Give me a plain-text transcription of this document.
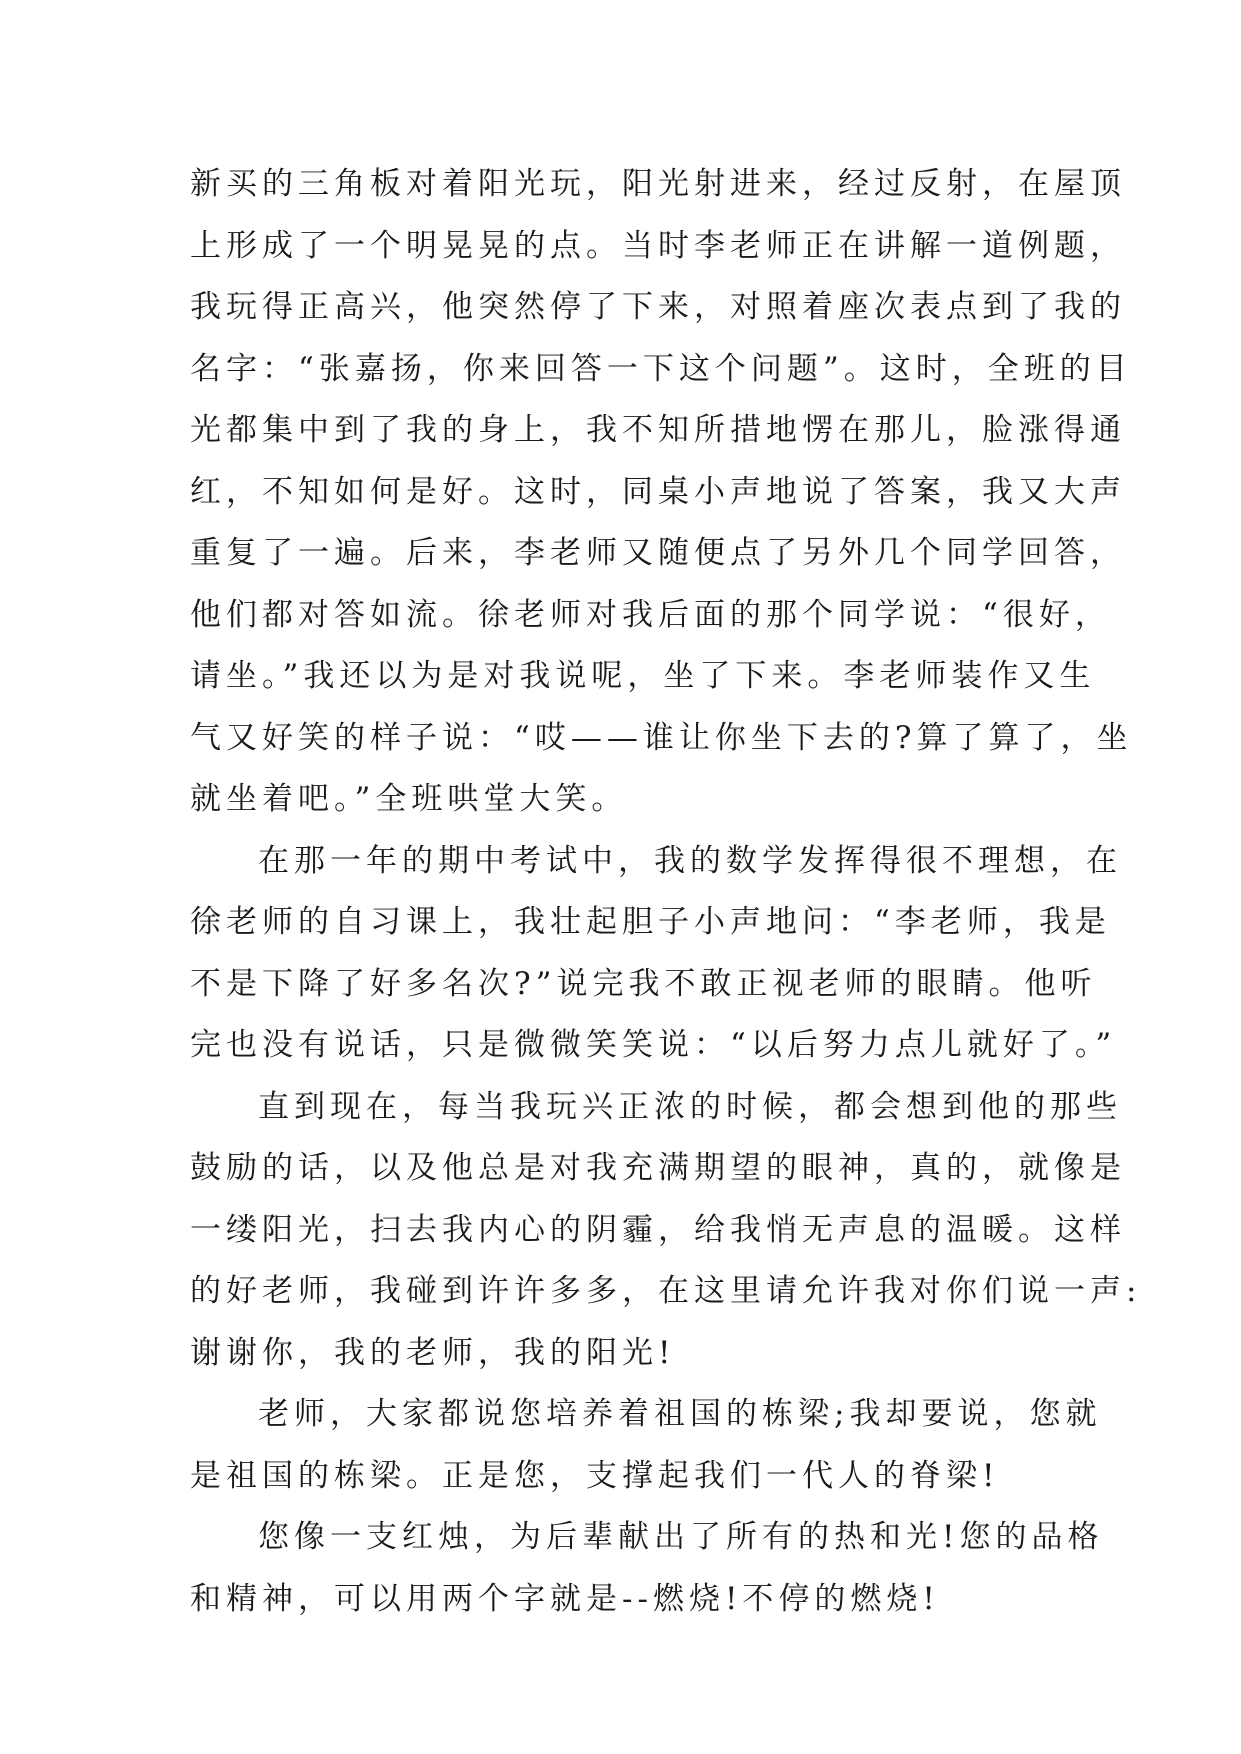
新买的三角板对着阳光玩，阳光射进来，经过反射，在屋顶
上形成了一个明晃晃的点。当时李老师正在讲解一道例题，
我玩得正高兴，他突然停了下来，对照着座次表点到了我的
名字：“张嘉扬，你来回答一下这个问题”。这时，全班的目
光都集中到了我的身上，我不知所措地愣在那儿，脸涨得通
红，不知如何是好。这时，同桌小声地说了答案，我又大声
重复了一遍。后来，李老师又随便点了另外几个同学回答，
他们都对答如流。徐老师对我后面的那个同学说：“很好，
请坐。”我还以为是对我说呢，坐了下来。李老师装作又生
气又好笑的样子说：“哎——谁让你坐下去的?算了算了，坐
就坐着吧。”全班哄堂大笑。
在那一年的期中考试中，我的数学发挥得很不理想，在
徐老师的自习课上，我壮起胆子小声地问：“李老师，我是
不是下降了好多名次?”说完我不敢正视老师的眼睛。他听
完也没有说话，只是微微笑笑说：“以后努力点儿就好了。”
直到现在，每当我玩兴正浓的时候，都会想到他的那些
鼓励的话，以及他总是对我充满期望的眼神，真的，就像是
一缕阳光，扫去我内心的阴霾，给我悄无声息的温暖。这样
的好老师，我碰到许许多多，在这里请允许我对你们说一声:
谢谢你，我的老师，我的阳光!
老师，大家都说您培养着祖国的栋梁;我却要说，您就
是祖国的栋梁。正是您，支撑起我们一代人的脊梁!
您像一支红烛，为后辈献出了所有的热和光!您的品格
和精神，可以用两个字就是--燃烧!不停的燃烧!
